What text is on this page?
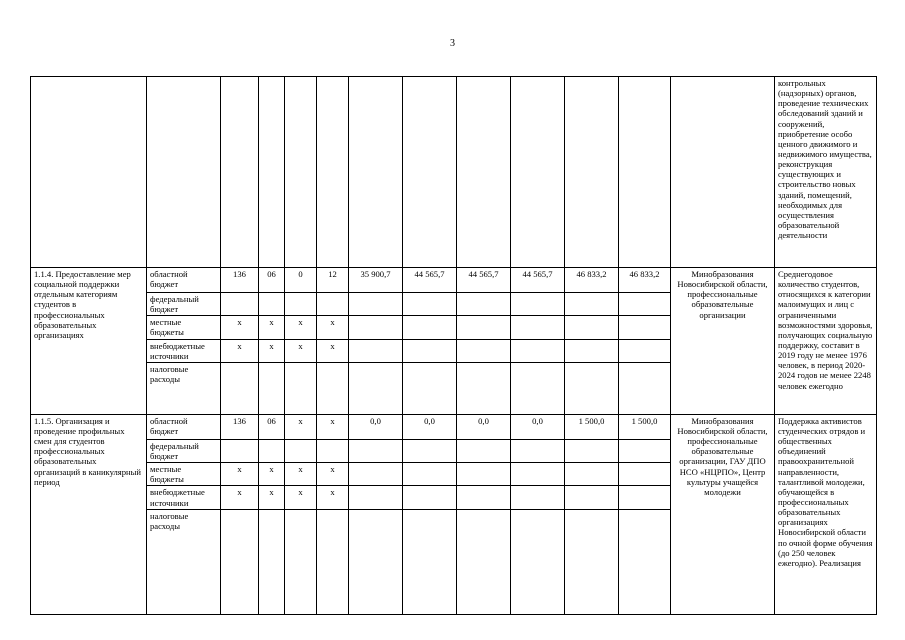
3
													контрольных (надзорных) органов, проведение технических обследований зданий и сооружений, приобретение особо ценного движимого и недвижимого имущества, реконструкция существующих и строительство новых зданий, помещений, необходимых для осуществления образовательной деятельности
1.1.4. Предоставление мер социальной поддержки отдельным категориям студентов в профессиональных образовательных организациях	областной бюджет	136	06	0	12	35 900,7	44 565,7	44 565,7	44 565,7	46 833,2	46 833,2	Минобразования Новосибирской области, профессиональные образовательные организации	Среднегодовое количество студентов, относящихся к категории малоимущих и лиц с ограниченными возможностями здоровья, получающих социальную поддержку, составит в 2019 году не менее 1976 человек, в период 2020-2024 годов не менее 2248 человек ежегодно
	федеральный бюджет												
	местные бюджеты	х	х	х	х								
	внебюджетные источники	х	х	х	х								
	налоговые расходы												
1.1.5. Организация и проведение профильных смен для студентов профессиональных образовательных организаций в каникулярный период	областной бюджет	136	06	х	х	0,0	0,0	0,0	0,0	1 500,0	1 500,0	Минобразования Новосибирской области, профессиональные образовательные организации, ГАУ ДПО НСО «НЦРПО», Центр культуры учащейся молодежи	Поддержка активистов студенческих отрядов и общественных объединений правоохранительной направленности, талантливой молодежи, обучающейся в профессиональных образовательных организациях Новосибирской области по очной форме обучения (до 250 человек ежегодно). Реализация
	федеральный бюджет												
	местные бюджеты	х	х	х	х								
	внебюджетные источники	х	х	х	х								
	налоговые расходы												
